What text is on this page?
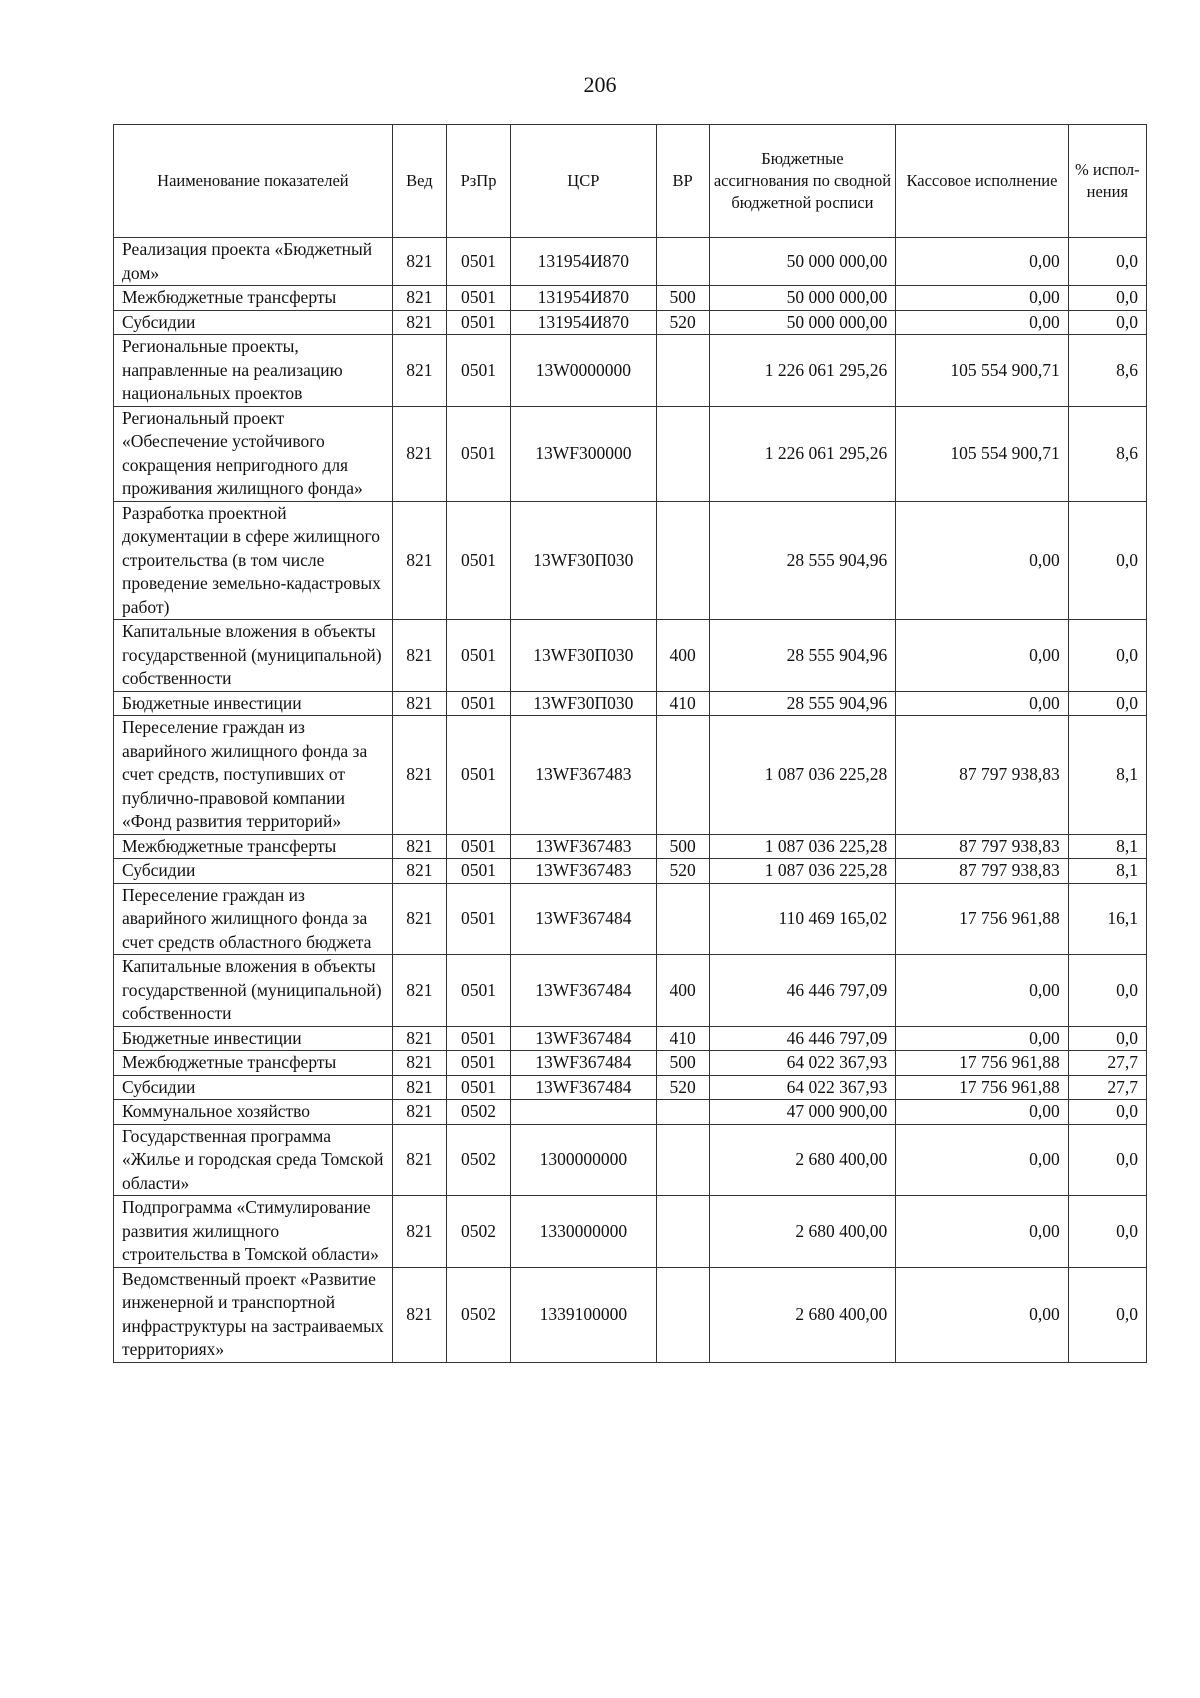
206
Наименование показателей	Вед	РзПр	ЦСР	ВР	Бюджетные ассигнования по сводной бюджетной росписи	Кассовое исполнение	% испол-нения
Реализация проекта «Бюджетный дом»	821	0501	131954И870		50 000 000,00	0,00	0,0
Межбюджетные трансферты	821	0501	131954И870	500	50 000 000,00	0,00	0,0
Субсидии	821	0501	131954И870	520	50 000 000,00	0,00	0,0
Региональные проекты, направленные на реализацию национальных проектов	821	0501	13W0000000		1 226 061 295,26	105 554 900,71	8,6
Региональный проект «Обеспечение устойчивого сокращения непригодного для проживания жилищного фонда»	821	0501	13WF300000		1 226 061 295,26	105 554 900,71	8,6
Разработка проектной документации в сфере жилищного строительства (в том числе проведение земельно-кадастровых работ)	821	0501	13WF30П030		28 555 904,96	0,00	0,0
Капитальные вложения в объекты государственной (муниципальной) собственности	821	0501	13WF30П030	400	28 555 904,96	0,00	0,0
Бюджетные инвестиции	821	0501	13WF30П030	410	28 555 904,96	0,00	0,0
Переселение граждан из аварийного жилищного фонда за счет средств, поступивших от публично-правовой компании «Фонд развития территорий»	821	0501	13WF367483		1 087 036 225,28	87 797 938,83	8,1
Межбюджетные трансферты	821	0501	13WF367483	500	1 087 036 225,28	87 797 938,83	8,1
Субсидии	821	0501	13WF367483	520	1 087 036 225,28	87 797 938,83	8,1
Переселение граждан из аварийного жилищного фонда за счет средств областного бюджета	821	0501	13WF367484		110 469 165,02	17 756 961,88	16,1
Капитальные вложения в объекты государственной (муниципальной) собственности	821	0501	13WF367484	400	46 446 797,09	0,00	0,0
Бюджетные инвестиции	821	0501	13WF367484	410	46 446 797,09	0,00	0,0
Межбюджетные трансферты	821	0501	13WF367484	500	64 022 367,93	17 756 961,88	27,7
Субсидии	821	0501	13WF367484	520	64 022 367,93	17 756 961,88	27,7
Коммунальное хозяйство	821	0502			47 000 900,00	0,00	0,0
Государственная программа «Жилье и городская среда Томской области»	821	0502	1300000000		2 680 400,00	0,00	0,0
Подпрограмма «Стимулирование развития жилищного строительства в Томской области»	821	0502	1330000000		2 680 400,00	0,00	0,0
Ведомственный проект «Развитие инженерной и транспортной инфраструктуры на застраиваемых территориях»	821	0502	1339100000		2 680 400,00	0,00	0,0
